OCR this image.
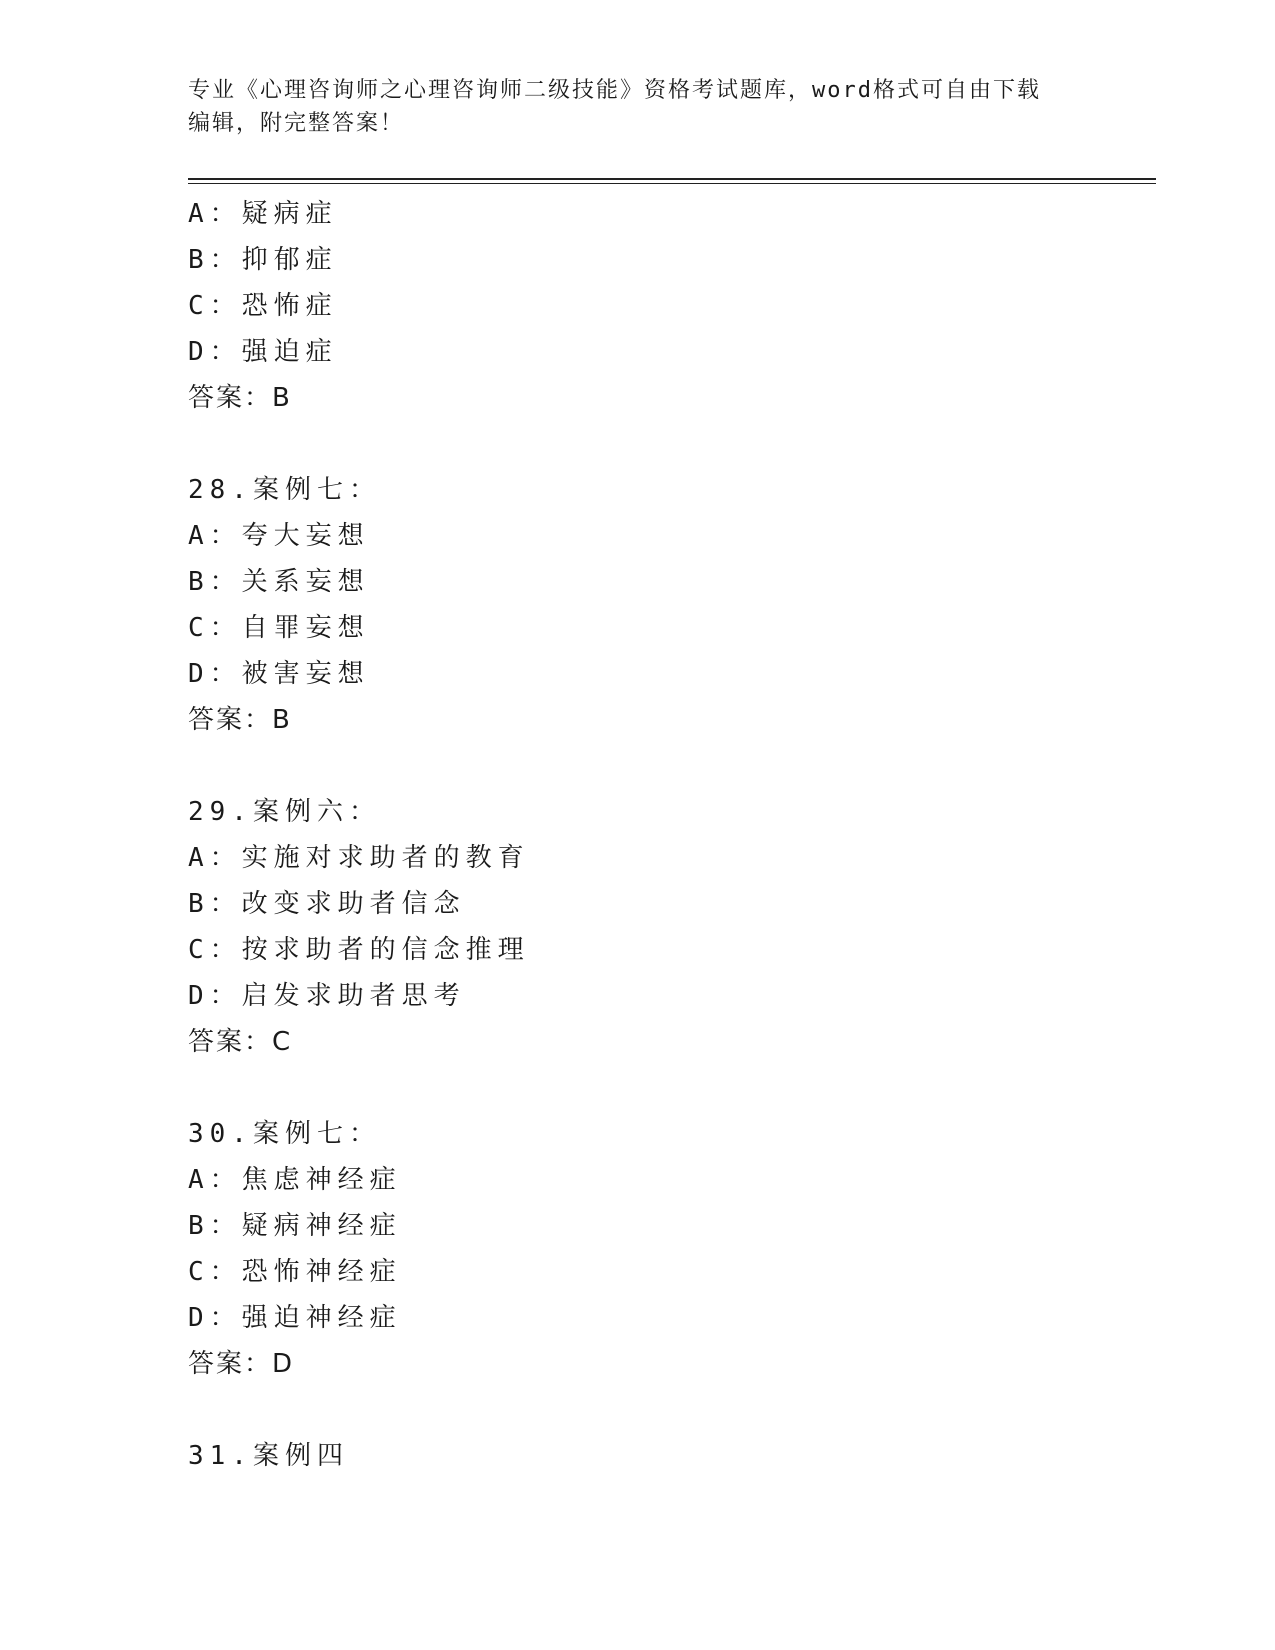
专业《心理咨询师之心理咨询师二级技能》资格考试题库，word格式可自由下载
编辑，附完整答案！
A：疑病症
B：抑郁症
C：恐怖症
D：强迫症
答案：B
28.案例七：
A：夸大妄想
B：关系妄想
C：自罪妄想
D：被害妄想
答案：B
29.案例六：
A：实施对求助者的教育
B：改变求助者信念
C：按求助者的信念推理
D：启发求助者思考
答案：C
30.案例七：
A：焦虑神经症
B：疑病神经症
C：恐怖神经症
D：强迫神经症
答案：D
31.案例四
